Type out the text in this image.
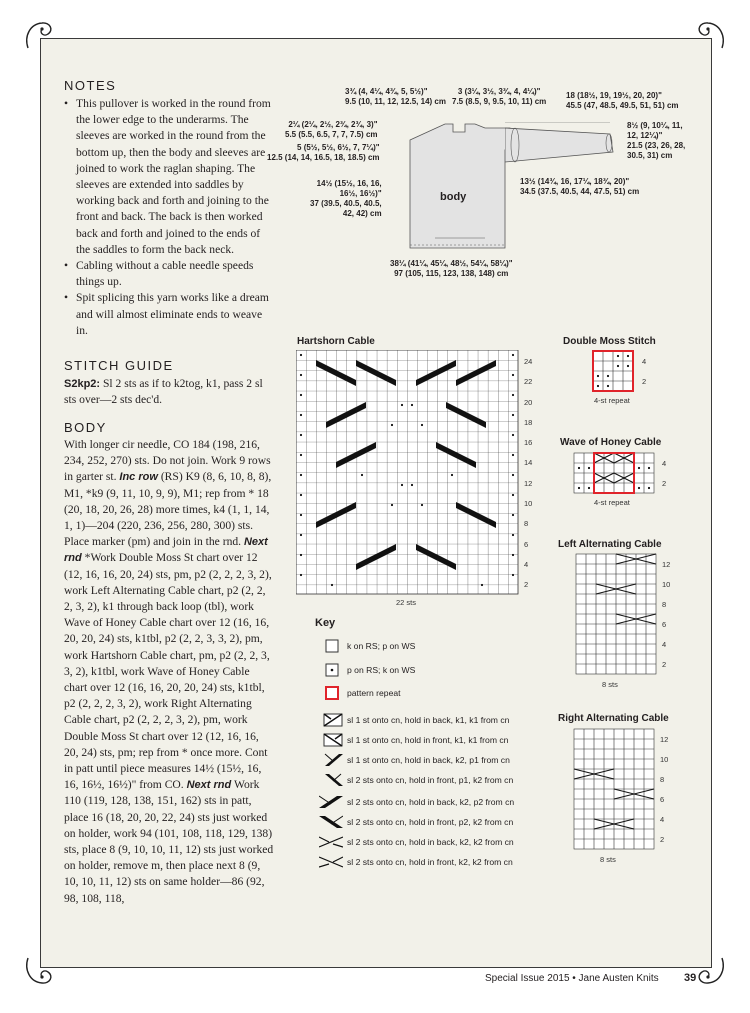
NOTES

• This pullover is worked in the round from the lower edge to the underarms. The sleeves are worked in the round from the bottom up, then the body and sleeves are joined to work the raglan shaping. The sleeves are extended into saddles by working back and forth and joining to the front and back. The back is then worked back and forth and joined to the ends of the saddles to form the back neck.

• Cabling without a cable needle speeds things up.

• Spit splicing this yarn works like a dream and will almost eliminate ends to weave in.

STITCH GUIDE
S2kp2: Sl 2 sts as if to k2tog, k1, pass 2 sl sts over—2 sts dec'd.
BODY
With longer cir needle, CO 184 (198, 216, 234, 252, 270) sts. Do not join. Work 9 rows in garter st. Inc row (RS) K9 (8, 6, 10, 8, 8), M1, *k9 (9, 11, 10, 9, 9), M1; rep from * 18 (20, 18, 20, 26, 28) more times, k4 (1, 1, 14, 1, 1)—204 (220, 236, 256, 280, 300) sts. Place marker (pm) and join in the rnd. Next rnd *Work Double Moss St chart over 12 (12, 16, 16, 20, 24) sts, pm, p2 (2, 2, 2, 3, 2), work Left Alternating Cable chart, p2 (2, 2, 2, 3, 2), k1 through back loop (tbl), work Wave of Honey Cable chart over 12 (16, 16, 20, 20, 24) sts, k1tbl, p2 (2, 2, 3, 3, 2), pm, work Hartshorn Cable chart, pm, p2 (2, 2, 3, 3, 2), k1tbl, work Wave of Honey Cable chart over 12 (16, 16, 20, 20, 24) sts, k1tbl, p2 (2, 2, 2, 3, 2), work Right Alternating Cable chart, p2 (2, 2, 2, 3, 2), pm, work Double Moss St chart over 12 (12, 16, 16, 20, 24) sts, pm; rep from * once more. Cont in patt until piece measures 14½ (15½, 16, 16, 16½, 16½)" from CO. Next rnd Work 110 (119, 128, 138, 151, 162) sts in patt, place 16 (18, 20, 20, 22, 24) sts just worked on holder, work 94 (101, 108, 118, 129, 138) sts, place 8 (9, 10, 10, 11, 12) sts just worked on holder, remove m, then place next 8 (9, 10, 10, 11, 12) sts on same holder—86 (92, 98, 108, 118,
body
3¾ (4, 4¼, 4¾, 5, 5½)"
9.5 (10, 11, 12, 12.5, 14) cm
3 (3¼, 3½, 3¾, 4, 4¼)"
7.5 (8.5, 9, 9.5, 10, 11) cm
18 (18½, 19, 19½, 20, 20)"
45.5 (47, 48.5, 49.5, 51, 51) cm
2¼ (2¼, 2½, 2¾, 2¾, 3)"
5.5 (5.5, 6.5, 7, 7, 7.5) cm
5 (5½, 5½, 6½, 7, 7¼)"
12.5 (14, 14, 16.5, 18, 18.5) cm
8½ (9, 10¼, 11,
12, 12¼)"
21.5 (23, 26, 28,
30.5, 31) cm
14½ (15½, 16, 16,
16½, 16½)"
37 (39.5, 40.5, 40.5,
42, 42) cm
13½ (14¾, 16, 17¼, 18¾, 20)"
34.5 (37.5, 40.5, 44, 47.5, 51) cm
38¼ (41¼, 45¼, 48½, 54¼, 58¼)"
97 (105, 115, 123, 138, 148) cm
Hartshorn Cable	Double Moss Stitch
Wave of Honey Cable
Left Alternating Cable
Right Alternating Cable
24
22
20
18
16
14
12
10
8
6
4
2
22 sts
4
2
4-st repeat
4
2
4-st repeat
12
10
8
6
4
2
8 sts
12
10
8
6
4
2
8 sts
Key
k on RS; p on WS
p on RS; k on WS
pattern repeat
sl 1 st onto cn, hold in back, k1, k1 from cn
sl 1 st onto cn, hold in front, k1, k1 from cn
sl 1 st onto cn, hold in back, k2, p1 from cn
sl 2 sts onto cn, hold in front, p1, k2 from cn
sl 2 sts onto cn, hold in back, k2, p2 from cn
sl 2 sts onto cn, hold in front, p2, k2 from cn
sl 2 sts onto cn, hold in back, k2, k2 from cn
sl 2 sts onto cn, hold in front, k2, k2 from cn
Special Issue 2015 • Jane Austen Knits 39
